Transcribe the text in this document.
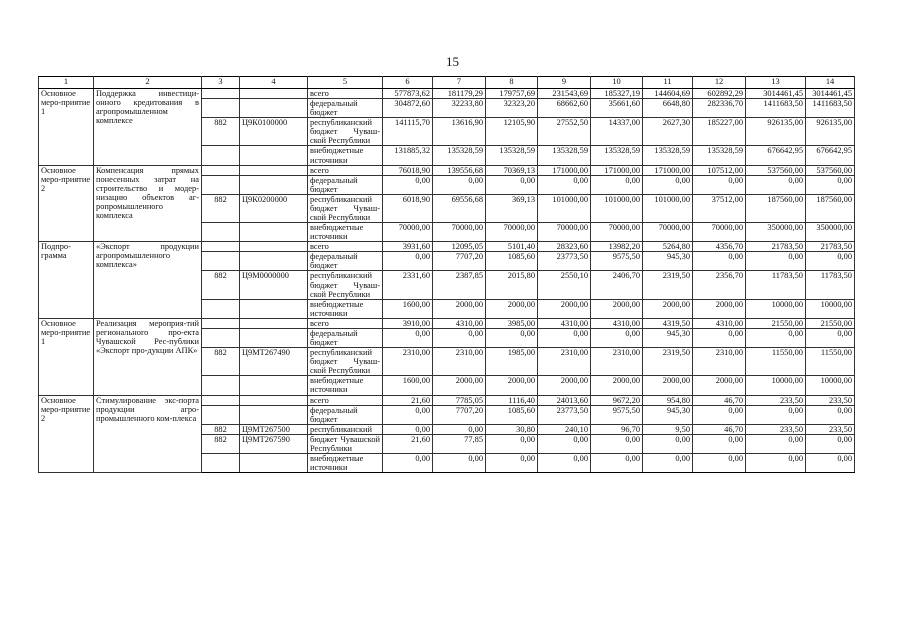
15
1	2	3	4	5	6	7	8	9	10	11	12	13	14
Основное меро-приятие 1	Поддержка инвестици-онного кредитования в агропромышленном комплексе			всего	577873,62	181179,29	179757,69	231543,69	185327,19	144604,69	602892,29	3014461,45	3014461,45
				федеральный бюджет	304872,60	32233,80	32323,20	68662,60	35661,60	6648,80	282336,70	1411683,50	1411683,50
		882	Ц9К0100000	республиканский бюджет Чуваш-ской Республики	141115,70	13616,90	12105,90	27552,50	14337,00	2627,30	185227,00	926135,00	926135,00
				внебюджетные источники	131885,32	135328,59	135328,59	135328,59	135328,59	135328,59	135328,59	676642,95	676642,95
Основное меро-приятие 2	Компенсация прямых понесенных затрат на строительство и модер-низацию объектов аг-ропромышленного комплекса			всего	76018,90	139556,68	70369,13	171000,00	171000,00	171000,00	107512,00	537560,00	537560,00
				федеральный бюджет	0,00	0,00	0,00	0,00	0,00	0,00	0,00	0,00	0,00
		882	Ц9К0200000	республиканский бюджет Чуваш-ской Республики	6018,90	69556,68	369,13	101000,00	101000,00	101000,00	37512,00	187560,00	187560,00
				внебюджетные источники	70000,00	70000,00	70000,00	70000,00	70000,00	70000,00	70000,00	350000,00	350000,00
Подпро-грамма	«Экспорт продукции агропромышленного комплекса»			всего	3931,60	12095,05	5101,40	28323,60	13982,20	5264,80	4356,70	21783,50	21783,50
				федеральный бюджет	0,00	7707,20	1085,60	23773,50	9575,50	945,30	0,00	0,00	0,00
		882	Ц9М0000000	республиканский бюджет Чуваш-ской Республики	2331,60	2387,85	2015,80	2550,10	2406,70	2319,50	2356,70	11783,50	11783,50
				внебюджетные источники	1600,00	2000,00	2000,00	2000,00	2000,00	2000,00	2000,00	10000,00	10000,00
Основное меро-приятие 1	Реализация мероприя-тий регионального про-екта Чувашской Рес-публики «Экспорт про-дукции АПК»			всего	3910,00	4310,00	3985,00	4310,00	4310,00	4319,50	4310,00	21550,00	21550,00
				федеральный бюджет	0,00	0,00	0,00	0,00	0,00	945,30	0,00	0,00	0,00
		882	Ц9МТ267490	республиканский бюджет Чуваш-ской Республики	2310,00	2310,00	1985,00	2310,00	2310,00	2319,50	2310,00	11550,00	11550,00
				внебюджетные источники	1600,00	2000,00	2000,00	2000,00	2000,00	2000,00	2000,00	10000,00	10000,00
Основное меро-приятие 2	Стимулирование экс-порта продукции агро-промышленного ком-плекса			всего	21,60	7785,05	1116,40	24013,60	9672,20	954,80	46,70	233,50	233,50
				федеральный бюджет	0,00	7707,20	1085,60	23773,50	9575,50	945,30	0,00	0,00	0,00
		882	Ц9МТ267500	республиканский	0,00	0,00	30,80	240,10	96,70	9,50	46,70	233,50	233,50
		882	Ц9МТ267590	бюджет Чувашской Республики	21,60	77,85	0,00	0,00	0,00	0,00	0,00	0,00	0,00
				внебюджетные источники	0,00	0,00	0,00	0,00	0,00	0,00	0,00	0,00	0,00
